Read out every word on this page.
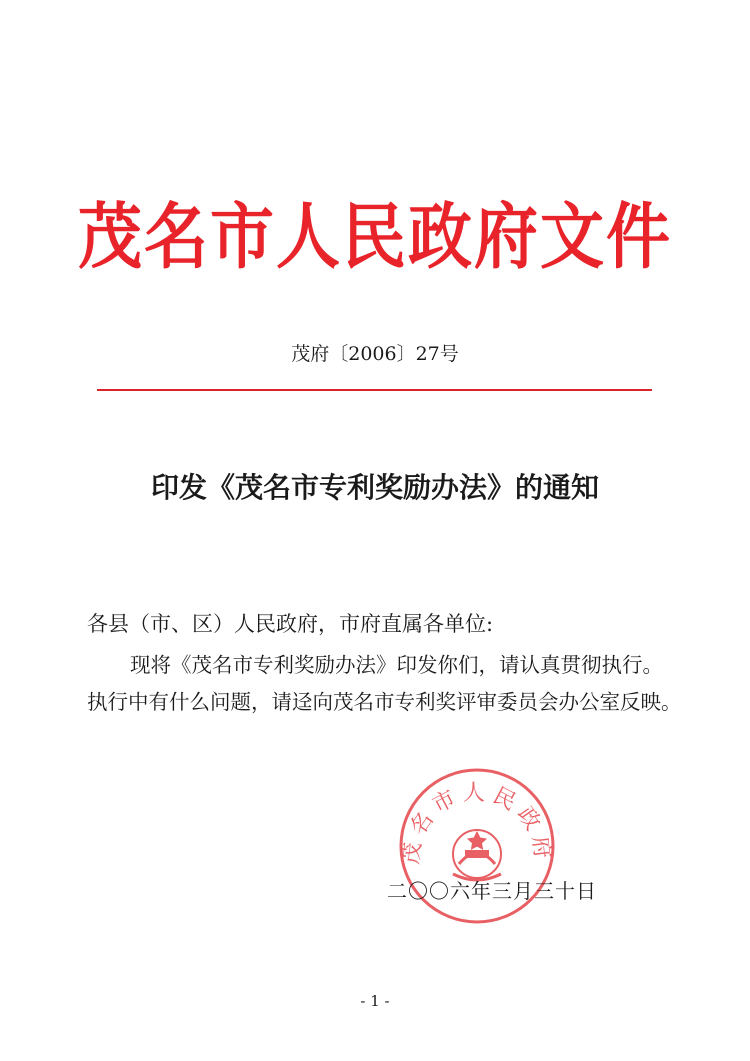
茂名市人民政府文件
茂府〔2006〕27号
印发《茂名市专利奖励办法》的通知
各县（市、区）人民政府，市府直属各单位:
现将《茂名市专利奖励办法》印发你们，请认真贯彻执行。
执行中有什么问题，请迳向茂名市专利奖评审委员会办公室反映。
茂名市人民政府
二〇〇六年三月三十日
- 1 -
